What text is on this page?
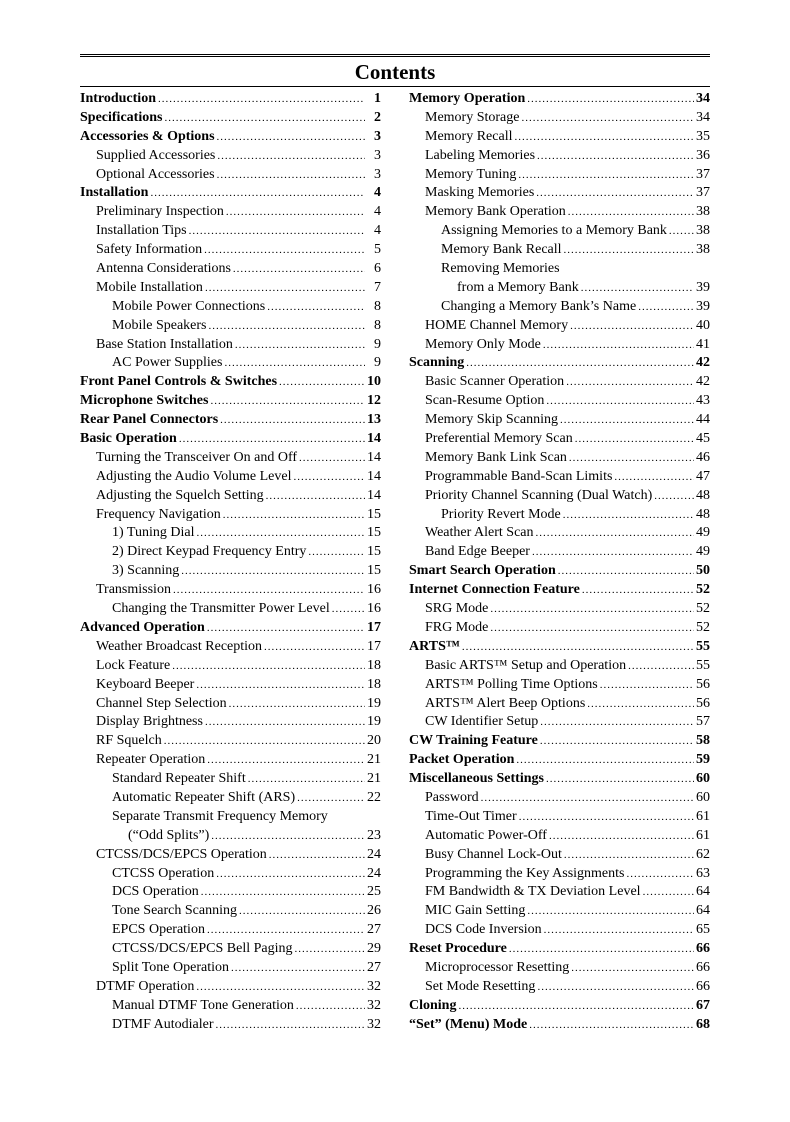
Contents
Introduction .....	1
Specifications .....	2
Accessories & Options .....	3
Supplied Accessories .....	3
Optional Accessories .....	3
Installation .....	4
Preliminary Inspection .....	4
Installation Tips .....	4
Safety Information .....	5
Antenna Considerations .....	6
Mobile Installation .....	7
Mobile Power Connections .....	8
Mobile Speakers .....	8
Base Station Installation .....	9
AC Power Supplies .....	9
Front Panel Controls & Switches .....	10
Microphone Switches .....	12
Rear Panel Connectors .....	13
Basic Operation .....	14
Turning the Transceiver On and Off .....	14
Adjusting the Audio Volume Level .....	14
Adjusting the Squelch Setting .....	14
Frequency Navigation .....	15
1) Tuning Dial .....	15
2) Direct Keypad Frequency Entry .....	15
3) Scanning .....	15
Transmission .....	16
Changing the Transmitter Power Level .....	16
Advanced Operation .....	17
Weather Broadcast Reception .....	17
Lock Feature .....	18
Keyboard Beeper .....	18
Channel Step Selection .....	19
Display Brightness .....	19
RF Squelch .....	20
Repeater Operation .....	21
Standard Repeater Shift .....	21
Automatic Repeater Shift (ARS) .....	22
Separate Transmit Frequency Memory
(“Odd Splits”) .....	23
CTCSS/DCS/EPCS Operation .....	24
CTCSS Operation .....	24
DCS Operation .....	25
Tone Search Scanning .....	26
EPCS Operation .....	27
CTCSS/DCS/EPCS Bell Paging .....	29
Split Tone Operation .....	27
DTMF Operation .....	32
Manual DTMF Tone Generation .....	32
DTMF Autodialer .....	32
Memory Operation .....	34
Memory Storage .....	34
Memory Recall .....	35
Labeling Memories .....	36
Memory Tuning .....	37
Masking Memories .....	37
Memory Bank Operation .....	38
Assigning Memories to a Memory Bank ..... 38
Memory Bank Recall .....	38
Removing Memories
from a Memory Bank .....	39
Changing a Memory Bank’s Name .....	39
HOME Channel Memory .....	40
Memory Only Mode .....	41
Scanning .....	42
Basic Scanner Operation .....	42
Scan-Resume Option .....	43
Memory Skip Scanning .....	44
Preferential Memory Scan .....	45
Memory Bank Link Scan .....	46
Programmable Band-Scan Limits .....	47
Priority Channel Scanning (Dual Watch) .....	48
Priority Revert Mode .....	48
Weather Alert Scan .....	49
Band Edge Beeper .....	49
Smart Search Operation .....	50
Internet Connection Feature .....	52
SRG Mode .....	52
FRG Mode .....	52
ARTS™ .....	55
Basic ARTS™ Setup and Operation .....	55
ARTS™ Polling Time Options .....	56
ARTS™ Alert Beep Options .....	56
CW Identifier Setup .....	57
CW Training Feature .....	58
Packet Operation .....	59
Miscellaneous Settings .....	60
Password .....	60
Time-Out Timer .....	61
Automatic Power-Off .....	61
Busy Channel Lock-Out .....	62
Programming the Key Assignments .....	63
FM Bandwidth & TX Deviation Level .....	64
MIC Gain Setting .....	64
DCS Code Inversion .....	65
Reset Procedure .....	66
Microprocessor Resetting .....	66
Set Mode Resetting .....	66
Cloning .....	67
“Set” (Menu) Mode .....	68
